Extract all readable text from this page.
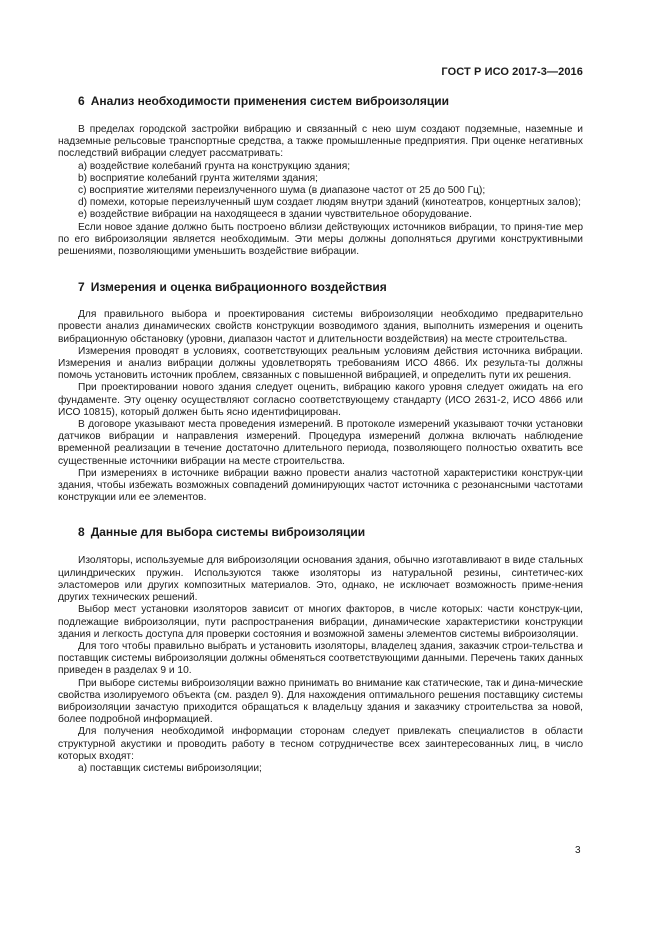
ГОСТ Р ИСО 2017-3—2016
6 Анализ необходимости применения систем виброизоляции

В пределах городской застройки вибрацию и связанный с нею шум создают подземные, наземные и надземные рельсовые транспортные средства, а также промышленные предприятия. При оценке негативных последствий вибрации следует рассматривать:

a) воздействие колебаний грунта на конструкцию здания;

b) восприятие колебаний грунта жителями здания;

c) восприятие жителями переизлученного шума (в диапазоне частот от 25 до 500 Гц);

d) помехи, которые переизлученный шум создает людям внутри зданий (кинотеатров, концертных залов);

e) воздействие вибрации на находящееся в здании чувствительное оборудование.

Если новое здание должно быть построено вблизи действующих источников вибрации, то приня-тие мер по его виброизоляции является необходимым. Эти меры должны дополняться другими конструктивными решениями, позволяющими уменьшить воздействие вибрации.

7 Измерения и оценка вибрационного воздействия

Для правильного выбора и проектирования системы виброизоляции необходимо предварительно провести анализ динамических свойств конструкции возводимого здания, выполнить измерения и оценить вибрационную обстановку (уровни, диапазон частот и длительности воздействия) на месте строительства.

Измерения проводят в условиях, соответствующих реальным условиям действия источника вибрации. Измерения и анализ вибрации должны удовлетворять требованиям ИСО 4866. Их результа-ты должны помочь установить источник проблем, связанных с повышенной вибрацией, и определить пути их решения.

При проектировании нового здания следует оценить, вибрацию какого уровня следует ожидать на его фундаменте. Эту оценку осуществляют согласно соответствующему стандарту (ИСО 2631-2, ИСО 4866 или ИСО 10815), который должен быть ясно идентифицирован.

В договоре указывают места проведения измерений. В протоколе измерений указывают точки установки датчиков вибрации и направления измерений. Процедура измерений должна включать наблюдение временной реализации в течение достаточно длительного периода, позволяющего полностью охватить все существенные источники вибрации на месте строительства.

При измерениях в источнике вибрации важно провести анализ частотной характеристики конструк-ции здания, чтобы избежать возможных совпадений доминирующих частот источника с резонансными частотами конструкции или ее элементов.

8 Данные для выбора системы виброизоляции

Изоляторы, используемые для виброизоляции основания здания, обычно изготавливают в виде стальных цилиндрических пружин. Используются также изоляторы из натуральной резины, синтетичес-ких эластомеров или других композитных материалов. Это, однако, не исключает возможность приме-нения других технических решений.

Выбор мест установки изоляторов зависит от многих факторов, в числе которых: части конструк-ции, подлежащие виброизоляции, пути распространения вибрации, динамические характеристики конструкции здания и легкость доступа для проверки состояния и возможной замены элементов системы виброизоляции.

Для того чтобы правильно выбрать и установить изоляторы, владелец здания, заказчик строи-тельства и поставщик системы виброизоляции должны обменяться соответствующими данными. Перечень таких данных приведен в разделах 9 и 10.

При выборе системы виброизоляции важно принимать во внимание как статические, так и дина-мические свойства изолируемого объекта (см. раздел 9). Для нахождения оптимального решения поставщику системы виброизоляции зачастую приходится обращаться к владельцу здания и заказчику строительства за новой, более подробной информацией.

Для получения необходимой информации сторонам следует привлекать специалистов в области структурной акустики и проводить работу в тесном сотрудничестве всех заинтересованных лиц, в число которых входят:

a) поставщик системы виброизоляции;

3
